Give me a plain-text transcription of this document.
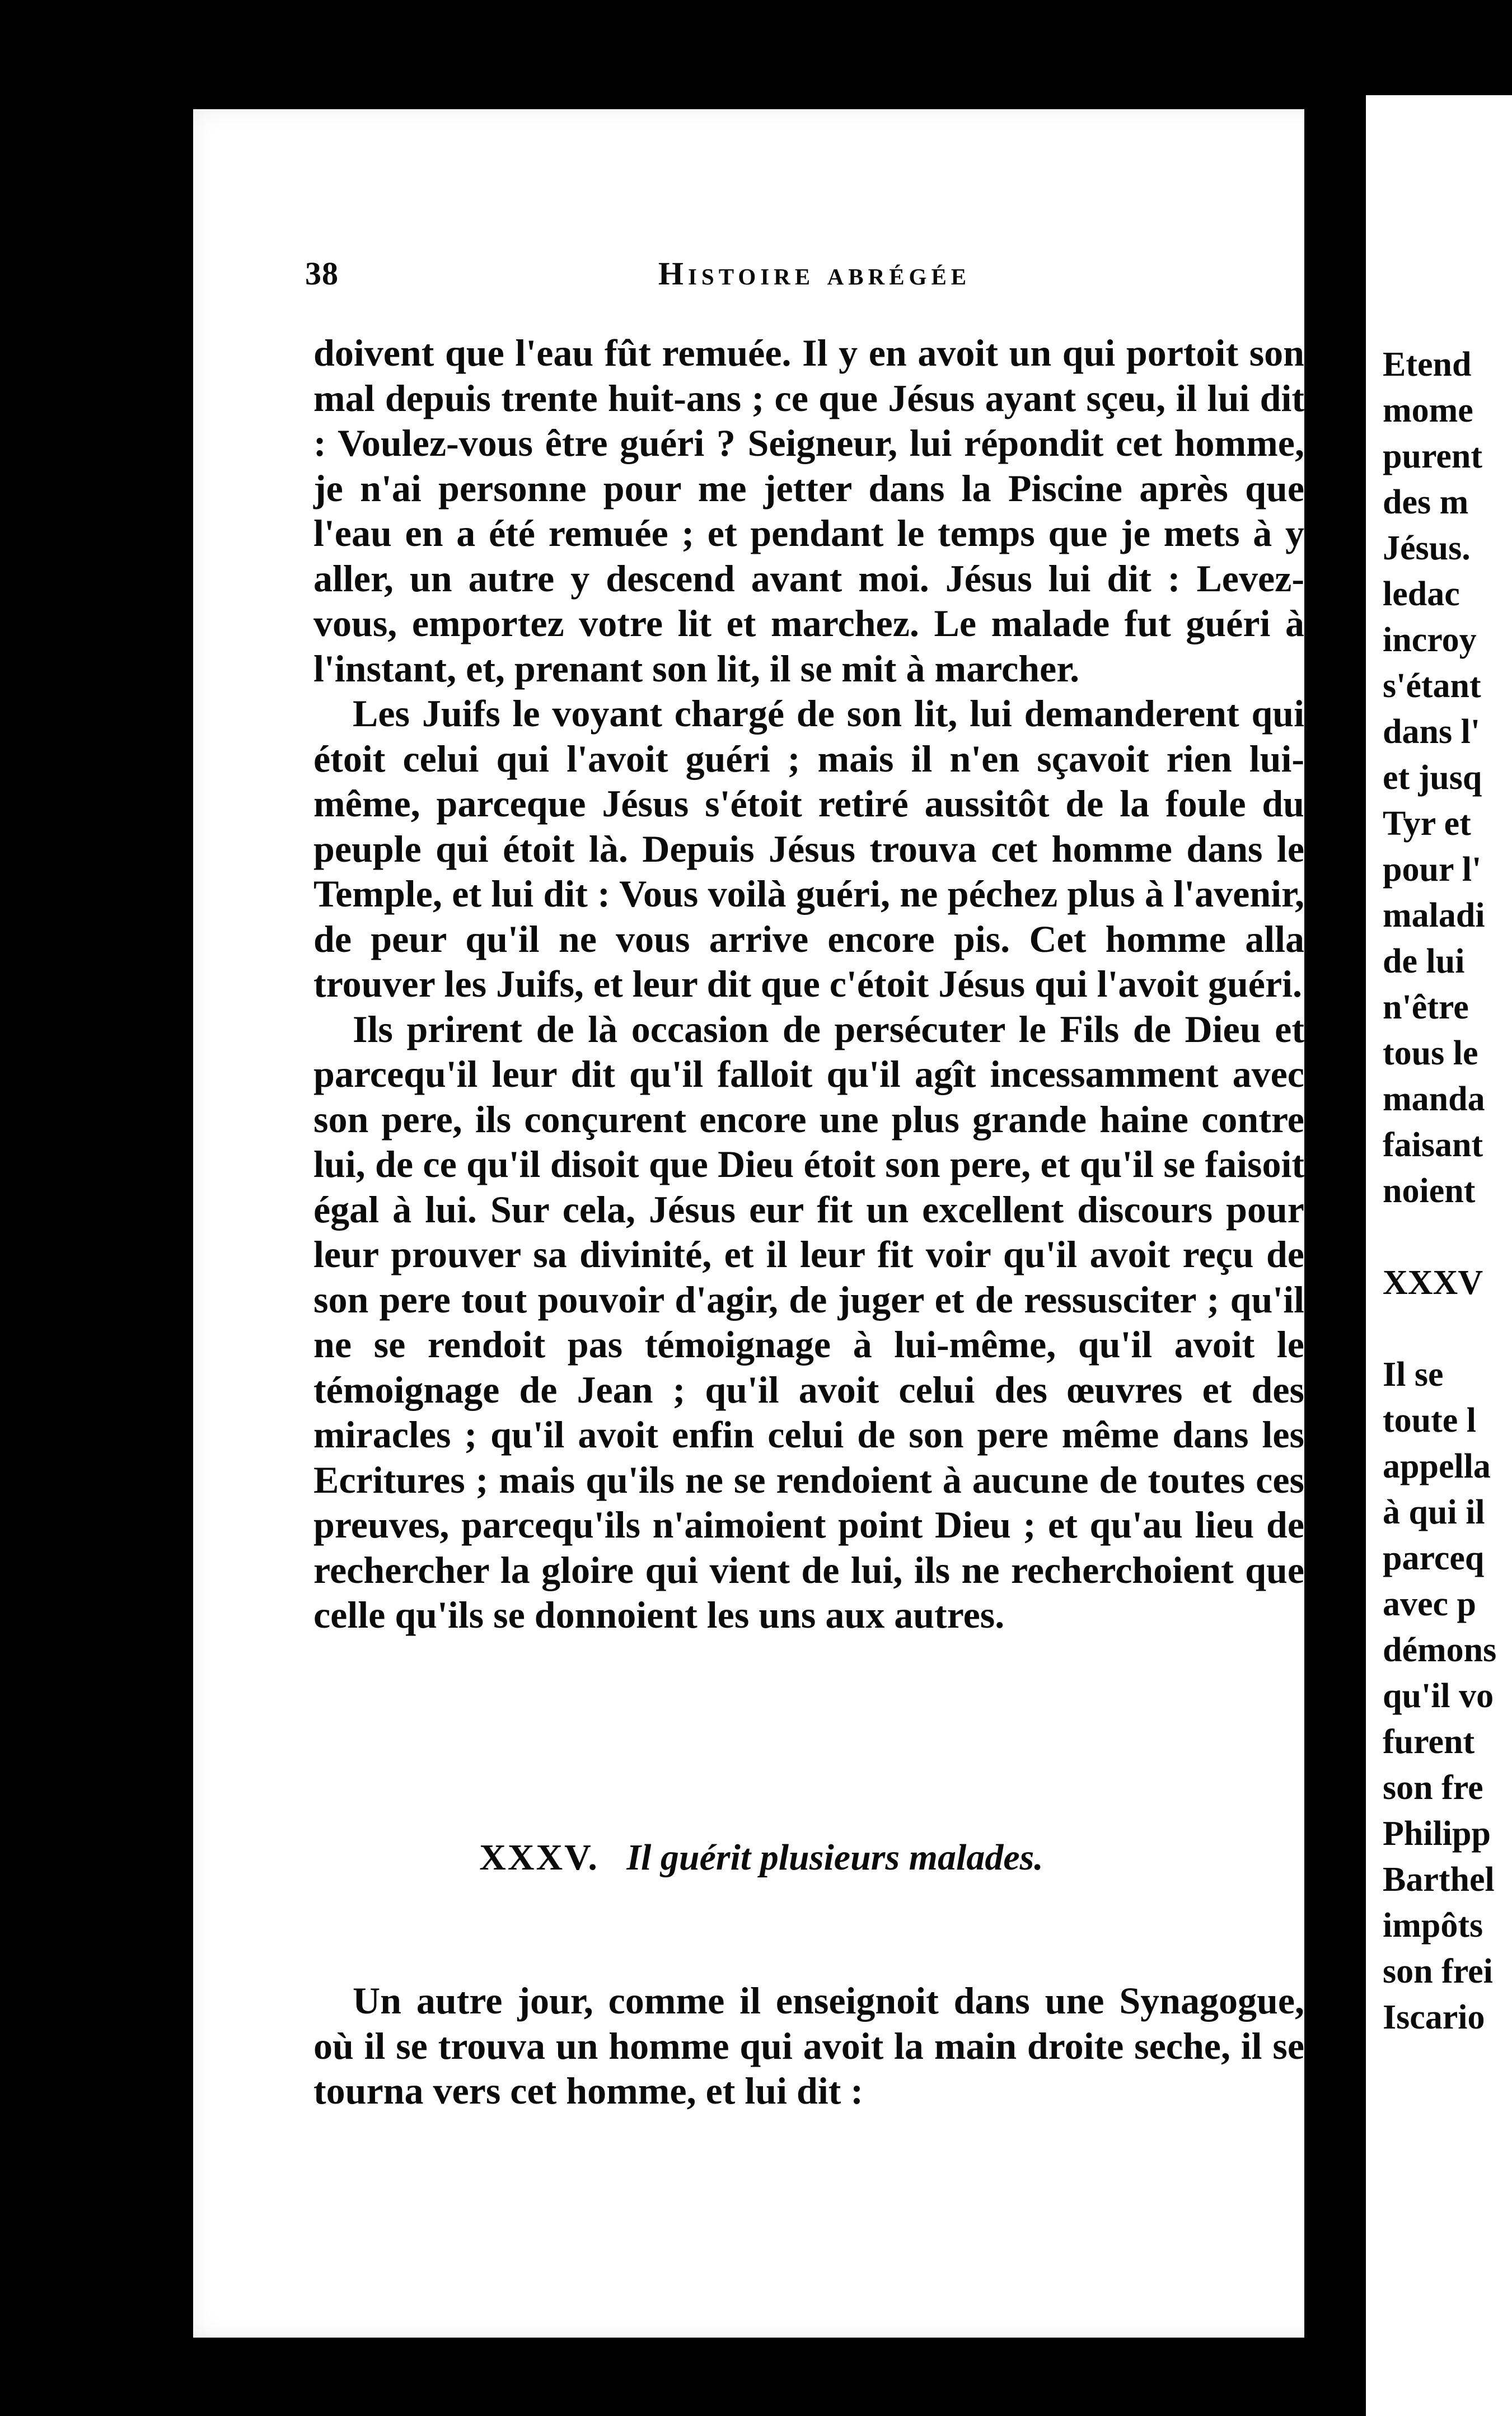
38	Histoire abrégée

doivent que l'eau fût remuée. Il y en avoit un qui portoit son mal depuis trente huit-ans ; ce que Jésus ayant sçeu, il lui dit : Voulez-vous être guéri ? Seigneur, lui répondit cet homme, je n'ai personne pour me jetter dans la Piscine après que l'eau en a été remuée ; et pendant le temps que je mets à y aller, un autre y descend avant moi. Jésus lui dit : Levez-vous, emportez votre lit et marchez. Le malade fut guéri à l'instant, et, prenant son lit, il se mit à marcher.

Les Juifs le voyant chargé de son lit, lui demanderent qui étoit celui qui l'avoit guéri ; mais il n'en sçavoit rien lui-même, parceque Jésus s'étoit retiré aussitôt de la foule du peuple qui étoit là. Depuis Jésus trouva cet homme dans le Temple, et lui dit : Vous voilà guéri, ne péchez plus à l'avenir, de peur qu'il ne vous arrive encore pis. Cet homme alla trouver les Juifs, et leur dit que c'étoit Jésus qui l'avoit guéri.

Ils prirent de là occasion de persécuter le Fils de Dieu et parcequ'il leur dit qu'il falloit qu'il agît incessamment avec son pere, ils conçurent encore une plus grande haine contre lui, de ce qu'il disoit que Dieu étoit son pere, et qu'il se faisoit égal à lui. Sur cela, Jésus eur fit un excellent discours pour leur prouver sa divinité, et il leur fit voir qu'il avoit reçu de son pere tout pouvoir d'agir, de juger et de ressusciter ; qu'il ne se rendoit pas témoignage à lui-même, qu'il avoit le témoignage de Jean ; qu'il avoit celui des œuvres et des miracles ; qu'il avoit enfin celui de son pere même dans les Ecritures ; mais qu'ils ne se rendoient à aucune de toutes ces preuves, parcequ'ils n'aimoient point Dieu ; et qu'au lieu de rechercher la gloire qui vient de lui, ils ne recherchoient que celle qu'ils se donnoient les uns aux autres.

XXXV. Il guérit plusieurs malades.

Un autre jour, comme il enseignoit dans une Synagogue, où il se trouva un homme qui avoit la main droite seche, il se tourna vers cet homme, et lui dit :

Etend
mome
purent
des m
Jésus.
ledac
incroy
s'étant
dans l'
et jusq
Tyr et
pour l'
maladi
de lui
n'être
tous le
manda
faisant
noient
XXXV
Il se
toute l
appella
à qui il
parceq
avec p
démons
qu'il vo
furent
son fre
Philipp
Barthel
impôts
son frei
Iscario
